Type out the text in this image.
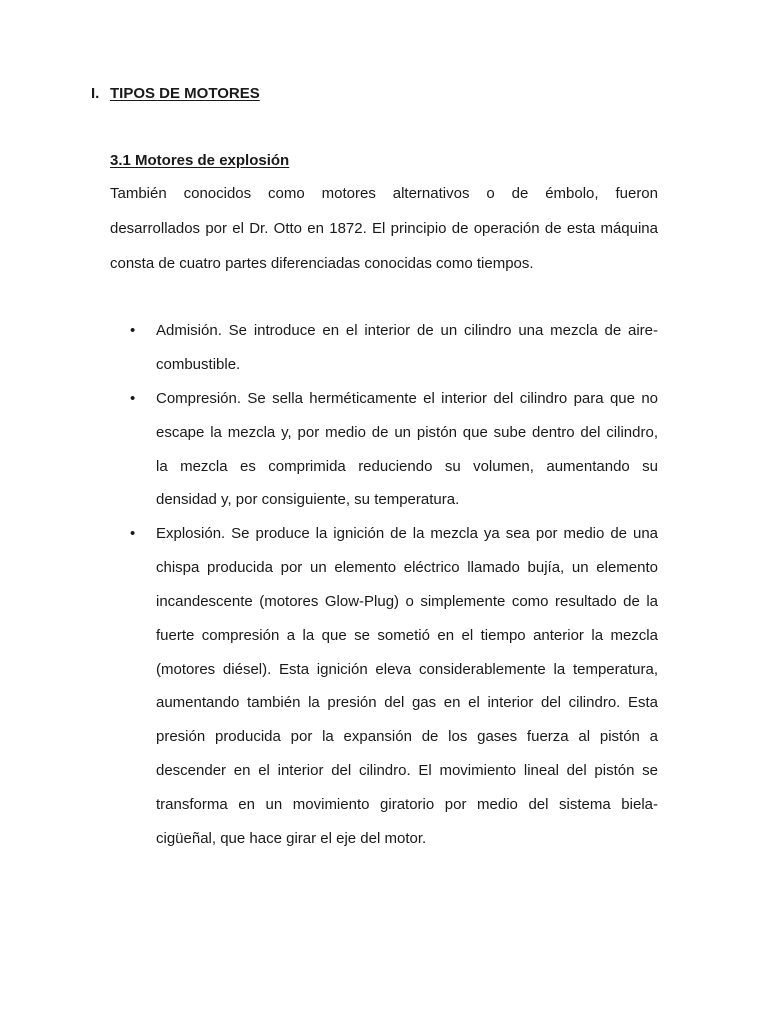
I. TIPOS DE MOTORES
3.1 Motores de explosión
También conocidos como motores alternativos o de émbolo, fueron
desarrollados por el Dr. Otto en 1872. El principio de operación de esta máquina
consta de cuatro partes diferenciadas conocidas como tiempos.
• Admisión. Se introduce en el interior de un cilindro una mezcla de aire-
combustible.
• Compresión. Se sella herméticamente el interior del cilindro para que no
escape la mezcla y, por medio de un pistón que sube dentro del cilindro,
la mezcla es comprimida reduciendo su volumen, aumentando su
densidad y, por consiguiente, su temperatura.
• Explosión. Se produce la ignición de la mezcla ya sea por medio de una
chispa producida por un elemento eléctrico llamado bujía, un elemento
incandescente (motores Glow-Plug) o simplemente como resultado de la
fuerte compresión a la que se sometió en el tiempo anterior la mezcla
(motores diésel). Esta ignición eleva considerablemente la temperatura,
aumentando también la presión del gas en el interior del cilindro. Esta
presión producida por la expansión de los gases fuerza al pistón a
descender en el interior del cilindro. El movimiento lineal del pistón se
transforma en un movimiento giratorio por medio del sistema biela-
cigüeñal, que hace girar el eje del motor.
